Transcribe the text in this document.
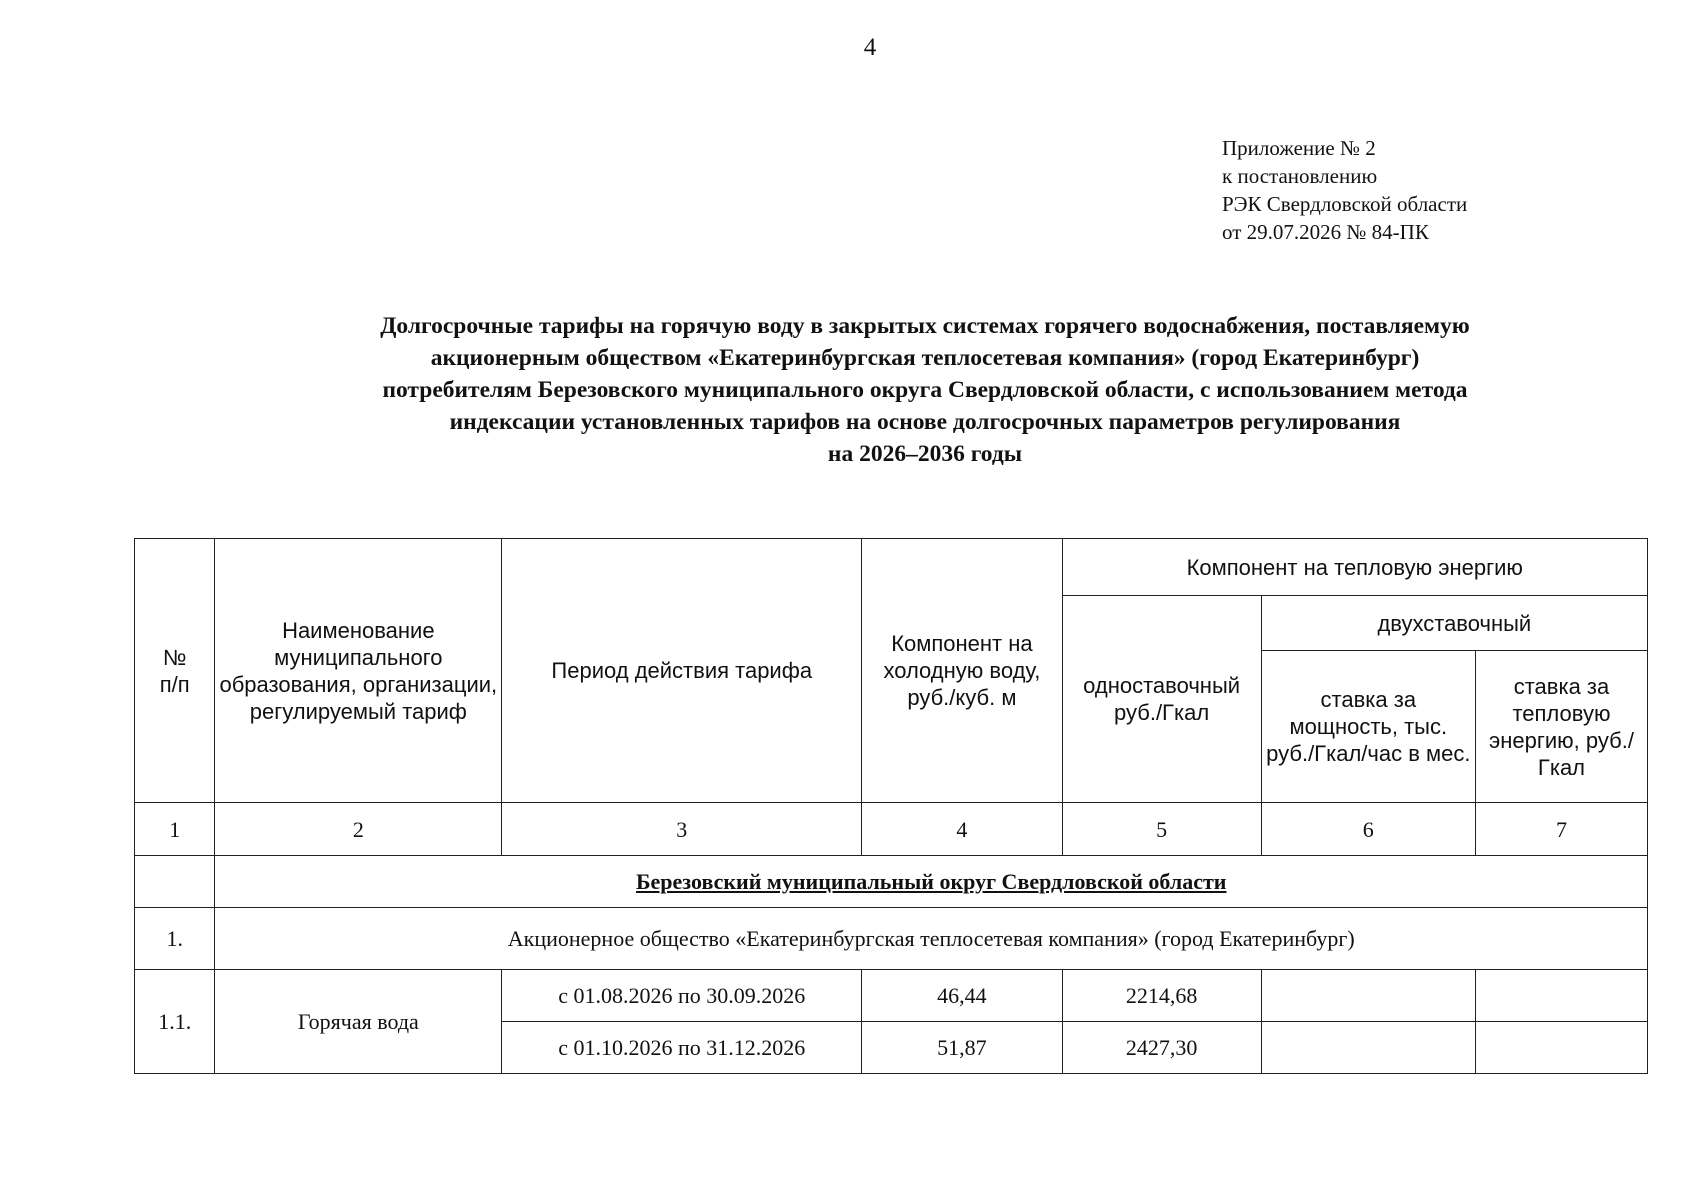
4
Приложение № 2
к постановлению
РЭК Свердловской области
от 29.07.2026 № 84-ПК
Долгосрочные тарифы на горячую воду в закрытых системах горячего водоснабжения, поставляемую
акционерным обществом «Екатеринбургская теплосетевая компания» (город Екатеринбург)
потребителям Березовского муниципального округа Свердловской области, с использованием метода
индексации установленных тарифов на основе долгосрочных параметров регулирования
на 2026–2036 годы
№ п/п	Наименование муниципального образования, организации, регулируемый тариф	Период действия тарифа	Компонент на холодную воду, руб./куб. м	Компонент на тепловую энергию		
				одноставочный руб./Гкал	двухставочный	
					ставка за мощность, тыс. руб./Гкал/час в мес.	ставка за тепловую энергию, руб./Гкал
1	2	3	4	5	6	7
	Березовский муниципальный округ Свердловской области					
1.	Акционерное общество «Екатеринбургская теплосетевая компания» (город Екатеринбург)					
1.1.	Горячая вода	с 01.08.2026 по 30.09.2026	46,44	2214,68		
		с 01.10.2026 по 31.12.2026	51,87	2427,30		
